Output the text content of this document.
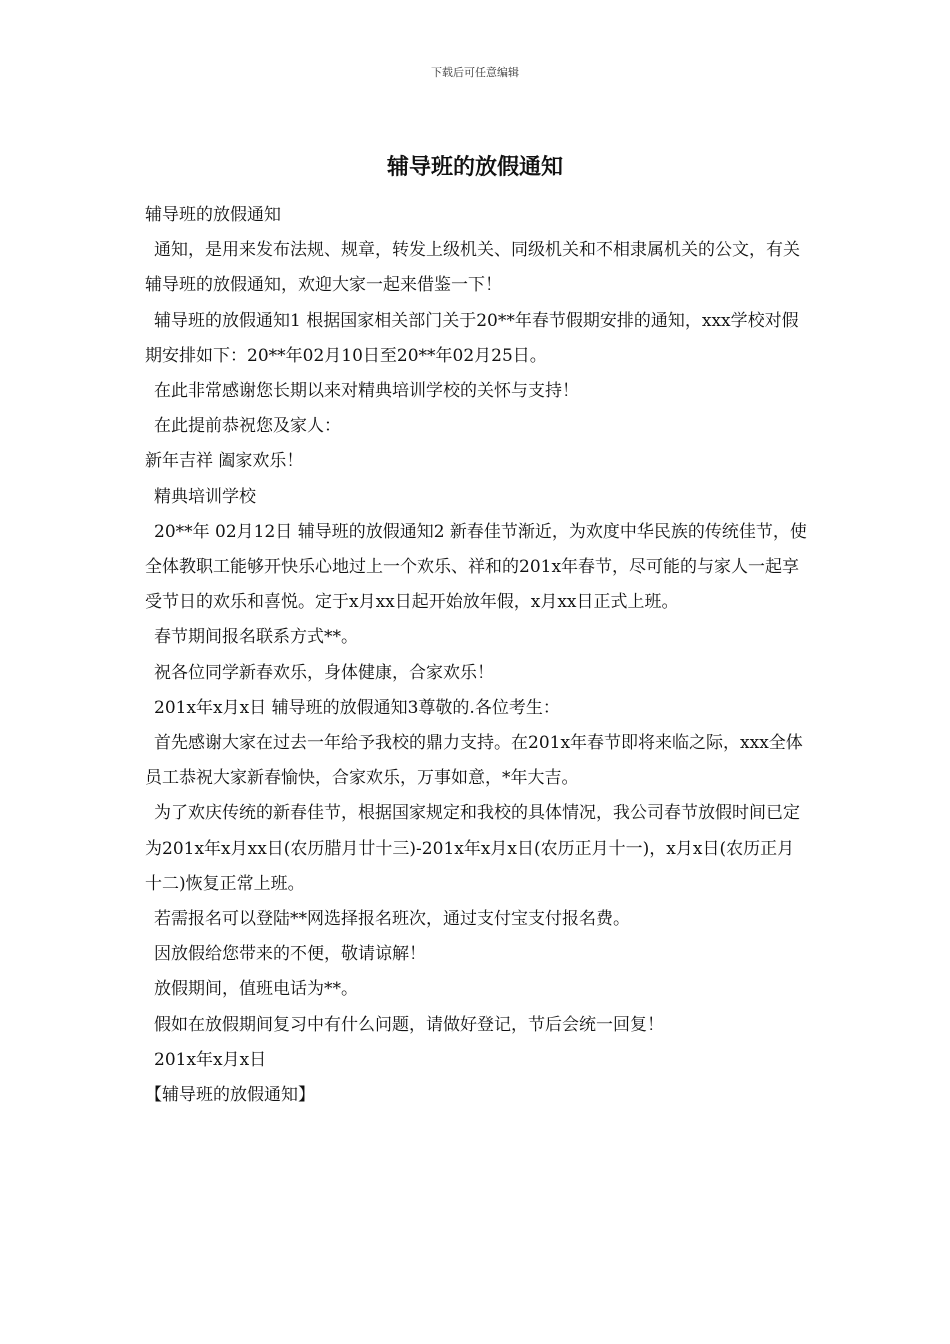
下载后可任意编辑
辅导班的放假通知

辅导班的放假通知

通知，是用来发布法规、规章，转发上级机关、同级机关和不相隶属机关的公文，有关辅导班的放假通知，欢迎大家一起来借鉴一下！

辅导班的放假通知1 根据国家相关部门关于20**年春节假期安排的通知，xxx学校对假期安排如下：20**年02月10日至20**年02月25日。

在此非常感谢您长期以来对精典培训学校的关怀与支持！

在此提前恭祝您及家人：

新年吉祥 阖家欢乐！

精典培训学校

20**年 02月12日 辅导班的放假通知2 新春佳节渐近，为欢度中华民族的传统佳节，使全体教职工能够开快乐心地过上一个欢乐、祥和的201x年春节，尽可能的与家人一起享受节日的欢乐和喜悦。定于x月xx日起开始放年假，x月xx日正式上班。

春节期间报名联系方式**。

祝各位同学新春欢乐，身体健康，合家欢乐！

201x年x月x日 辅导班的放假通知3尊敬的.各位考生：

首先感谢大家在过去一年给予我校的鼎力支持。在201x年春节即将来临之际，xxx全体员工恭祝大家新春愉快，合家欢乐，万事如意，*年大吉。

为了欢庆传统的新春佳节，根据国家规定和我校的具体情况，我公司春节放假时间已定为201x年x月xx日(农历腊月廿十三)-201x年x月x日(农历正月十一)，x月x日(农历正月十二)恢复正常上班。

若需报名可以登陆**网选择报名班次，通过支付宝支付报名费。

因放假给您带来的不便，敬请谅解！

放假期间，值班电话为**。

假如在放假期间复习中有什么问题，请做好登记，节后会统一回复！

201x年x月x日

【辅导班的放假通知】
